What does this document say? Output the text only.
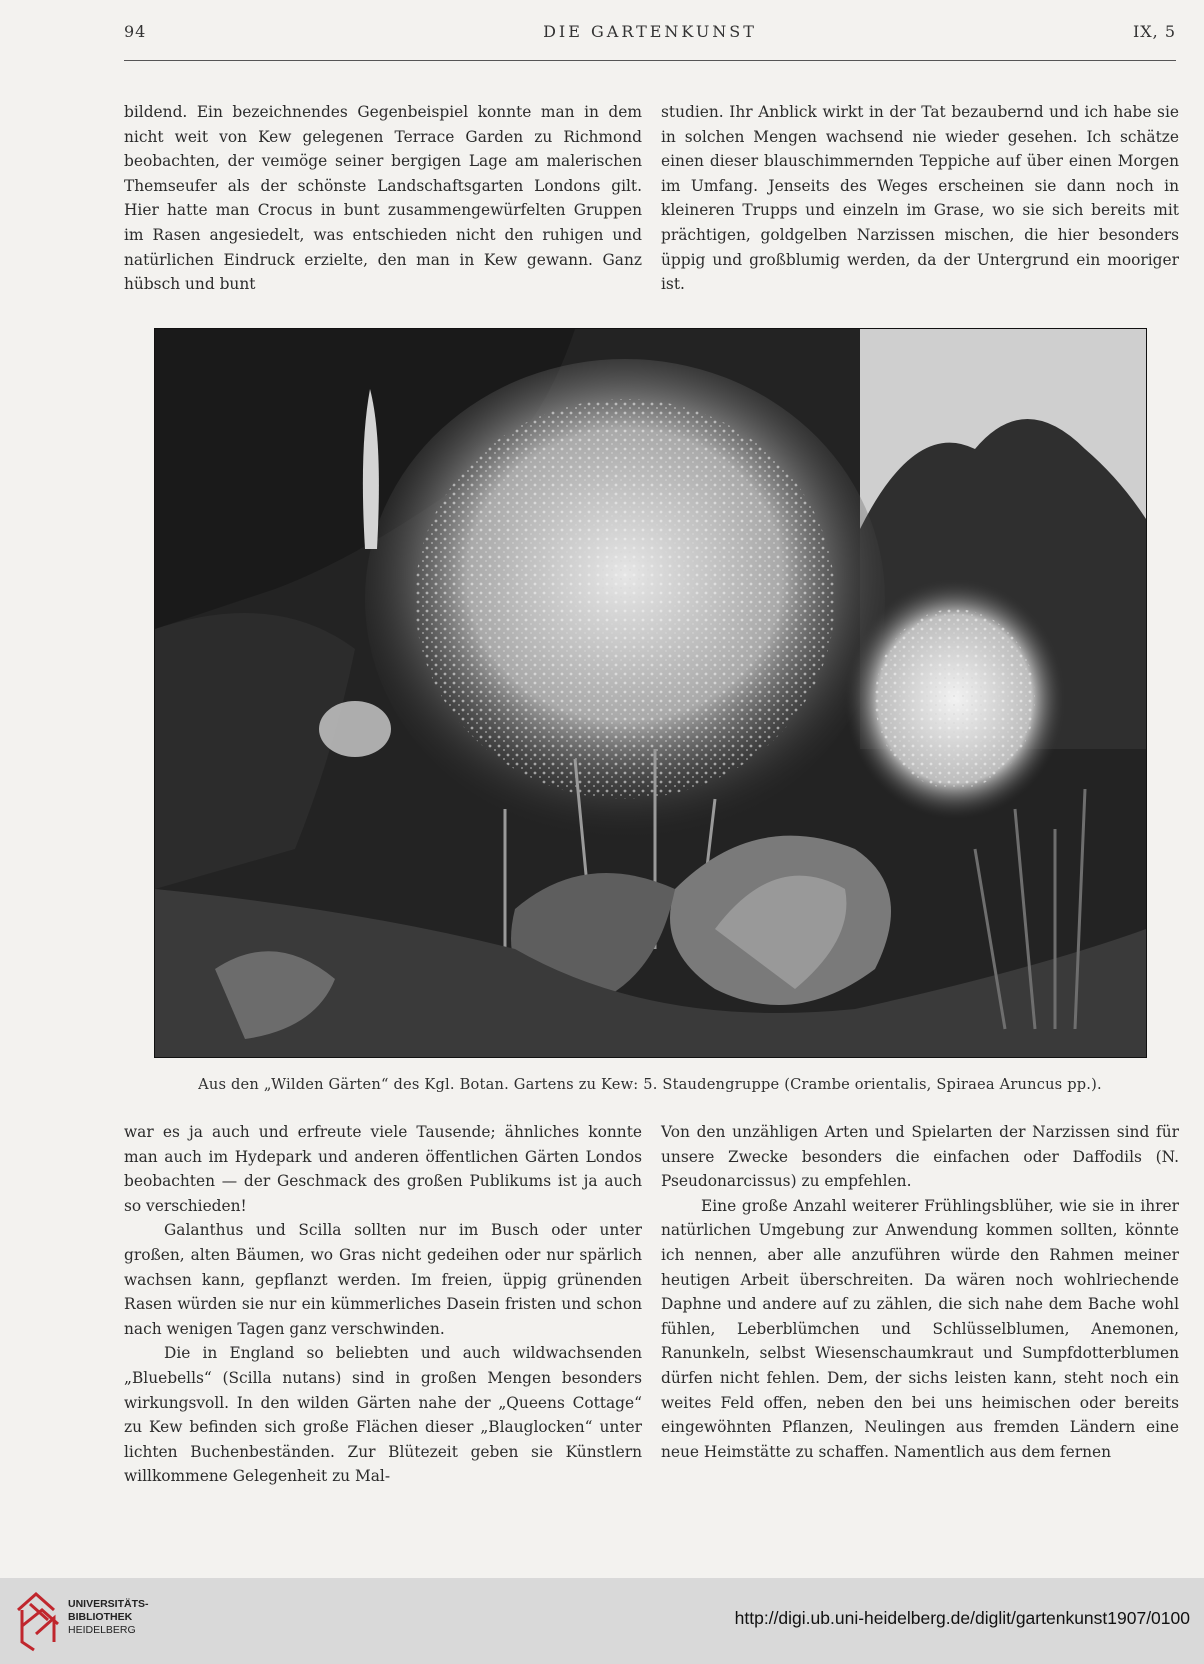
94	DIE GARTENKUNST	IX, 5

bildend. Ein bezeichnendes Gegenbeispiel konnte man in dem nicht weit von Kew gelegenen Terrace Garden zu Richmond beobachten, der veımöge seiner bergigen Lage am malerischen Themseufer als der schönste Landschaftsgarten Londons gilt. Hier hatte man Crocus in bunt zusammengewürfelten Gruppen im Rasen angesiedelt, was entschieden nicht den ruhigen und natürlichen Eindruck erzielte, den man in Kew gewann. Ganz hübsch und bunt

studien. Ihr Anblick wirkt in der Tat bezaubernd und ich habe sie in solchen Mengen wachsend nie wieder gesehen. Ich schätze einen dieser blauschimmernden Teppiche auf über einen Morgen im Umfang. Jenseits des Weges erscheinen sie dann noch in kleineren Trupps und einzeln im Grase, wo sie sich bereits mit prächtigen, goldgelben Narzissen mischen, die hier besonders üppig und großblumig werden, da der Untergrund ein mooriger ist.

Aus den „Wilden Gärten“ des Kgl. Botan. Gartens zu Kew: 5. Staudengruppe (Crambe orientalis, Spiraea Aruncus pp.).

war es ja auch und erfreute viele Tausende; ähnliches konnte man auch im Hydepark und anderen öffentlichen Gärten Londos beobachten — der Geschmack des großen Publikums ist ja auch so verschieden!

Galanthus und Scilla sollten nur im Busch oder unter großen, alten Bäumen, wo Gras nicht gedeihen oder nur spärlich wachsen kann, gepflanzt werden. Im freien, üppig grünenden Rasen würden sie nur ein kümmerliches Dasein fristen und schon nach wenigen Tagen ganz verschwinden.

Die in England so beliebten und auch wildwachsenden „Bluebells“ (Scilla nutans) sind in großen Mengen besonders wirkungsvoll. In den wilden Gärten nahe der „Queens Cottage“ zu Kew befinden sich große Flächen dieser „Blauglocken“ unter lichten Buchenbeständen. Zur Blütezeit geben sie Künstlern willkommene Gelegenheit zu Mal-

Von den unzähligen Arten und Spielarten der Narzissen sind für unsere Zwecke besonders die einfachen oder Daffodils (N. Pseudonarcissus) zu empfehlen.

Eine große Anzahl weiterer Frühlingsblüher, wie sie in ihrer natürlichen Umgebung zur Anwendung kommen sollten, könnte ich nennen, aber alle anzuführen würde den Rahmen meiner heutigen Arbeit überschreiten. Da wären noch wohlriechende Daphne und andere auf zu zählen, die sich nahe dem Bache wohl fühlen, Leberblümchen und Schlüsselblumen, Anemonen, Ranunkeln, selbst Wiesenschaumkraut und Sumpfdotterblumen dürfen nicht fehlen. Dem, der sichs leisten kann, steht noch ein weites Feld offen, neben den bei uns heimischen oder bereits eingewöhnten Pflanzen, Neulingen aus fremden Ländern eine neue Heimstätte zu schaffen. Namentlich aus dem fernen

UNIVERSITÄTS-
BIBLIOTHEK
HEIDELBERG
http://digi.ub.uni-heidelberg.de/diglit/gartenkunst1907/0100
